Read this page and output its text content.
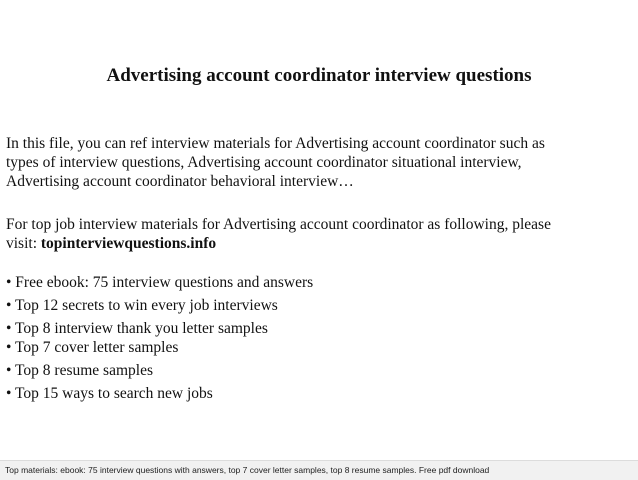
Advertising account coordinator interview questions
In this file, you can ref interview materials for Advertising account coordinator such as
types of interview questions, Advertising account coordinator situational interview,
Advertising account coordinator behavioral interview…
For top job interview materials for Advertising account coordinator as following, please
visit: topinterviewquestions.info
• Free ebook: 75 interview questions and answers
• Top 12 secrets to win every job interviews
• Top 8 interview thank you letter samples
• Top 7 cover letter samples
• Top 8 resume samples
• Top 15 ways to search new jobs
Top materials: ebook: 75 interview questions with answers, top 7 cover letter samples, top 8 resume samples. Free pdf download
